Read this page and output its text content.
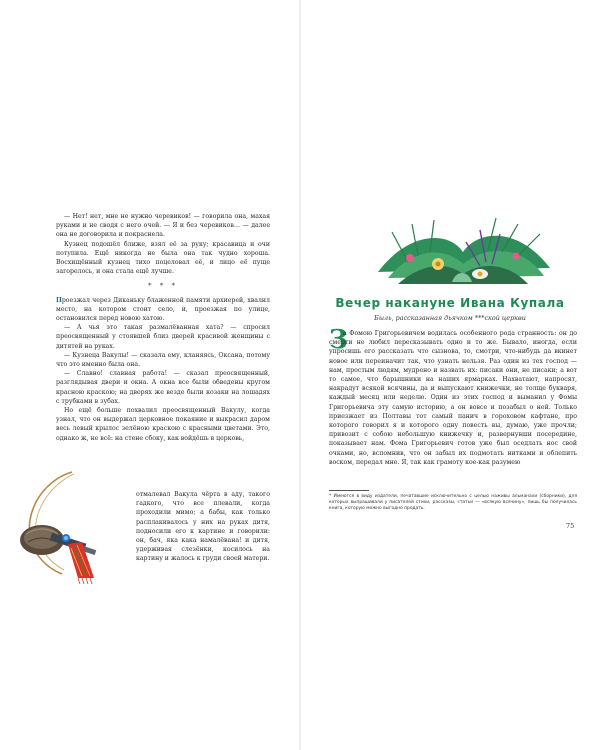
— Нет! нет, мне не нужно черевиков! — говорила она, махая руками и не сводя с него очей. — Я и без черевиков… — далее она не договорила и покраснела.

Кузнец подошёл ближе, взял её за руку; красавица и очи потупила. Ещё никогда не была она так чудно хороша. Восхищённый кузнец тихо поцеловал её, и лицо её пуще загорелось, и она стала ещё лучше.

* * *

Проезжал через Диканьку блаженной памяти архиерей, хвалил место, на котором стоит село, и, проезжая по улице, остановился перед новою хатою.

— А чья это такая размалёванная хата? — спросил преосвященный у стоявшей близ дверей красивой женщины с дитятей на руках.

— Кузнеца Вакулы! — сказала ему, кланяясь, Оксана, потому что это именно была она.

— Славно! славная работа! — сказал преосвященный, разглядывая двери и окна. А окна все были обведены кругом красною краскою; на дверях же везде были козаки на лошадях с трубками в зубах.

Но ещё больше похвалил преосвященный Вакулу, когда узнал, что он выдержал церковное покаяние и выкрасил даром весь левый крылос зелёною краскою с красными цветами. Это, однако ж, не всё: на стене сбоку, как войдёшь в церковь,

отмалевал Вакула чёрта в аду, такого гадкого, что все плевали, когда проходили мимо; а бабы, как только расплакивалось у них на руках дитя, подносили его к картине и говорили: он, бач, яка кака намалёвана! и дитя, удерживая слезёнки, косилось на картину и жалось к груди своей матери.

Вечер накануне Ивана Купала
Быль, рассказанная дьячком ***ской церкви
З

а Фомою Григорьевичем водилась особенного рода странность: он до смерти не любил пересказывать одно и то же. Бывало, иногда, если упросишь его рассказать что сызнова, то, смотри, что-нибудь да вкинет новое или переиначит так, что узнать нельзя. Раз один из тех господ — нам, простым людям, мудрено и назвать их: писаки они, не писаки; а вот то самое, что барышники на наших ярмарках. Нахватают, напросят, накрадут всякой всячины, да и выпускают книжечки, не толще букваря, каждый месяц или неделю. Один из этих господ и выманил у Фомы Григорьевича эту самую историю, а он вовсе и позабыл о ней. Только приезжает из Полтавы тот самый панич в гороховом кафтане, про которого говорил я и которого одну повесть вы, думаю, уже прочли; привозит с собою небольшую книжечку и, развернувши посередине, показывает нам. Фома Григорьевич готов уже был оседлать нос свой очками, но, вспомнив, что он забыл их подмотать нитками и облепить воском, передал мне. Я, так как грамоту кое-как разумею

* Имеются в виду издатели, печатавшие исключительно с целью наживы альманахи (сборники), для которых выпрашивали у писателей стихи, рассказы, статьи — «всякую всячину», лишь бы получилась книга, которую можно выгодно продать.
75
